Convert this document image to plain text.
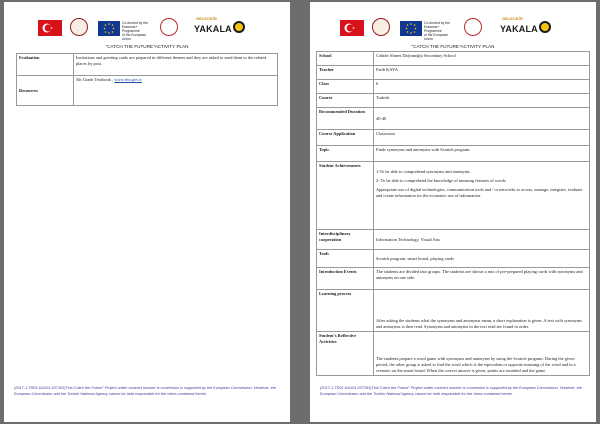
Co-funded by the
Erasmus+ Programme
of the European Union
GELECEĞİ
YAKALA
"CATCH THE FUTURE"ACTIVITY PLAN
Evaluation	Invitations and greeting cards are prepared in different themes and they are asked to send them to the related places by post.
Resources	5th Grade Textbook , www.eba.gov.tr
(2017-1-TR01-KA101-037363)This"Catch the Future" Project under contract number is conversion is supported by the European Commission. However, the European Commission and the Turkish National Agency cannot be held responsible for the views contained herein.
Co-funded by the
Erasmus+ Programme
of the European Union
GELECEĞİ
YAKALA
"CATCH THE FUTURE"ACTIVITY PLAN
School	Cahide Ahmet Dalyanoğlu Secondary School
Teacher	Fatih KAYA
Class	6
Course	Turkish
Recommended Duration	40-40
Course Application	Classroom
Topic	Finds synonyms and antonyms with Scratch program.
Student Achievements	1-To be able to comprehend synonyms and antonyms

2- To be able to comprehend the knowledge of meaning features of words

Appropriate use of digital technologies, communication tools and / or networks to access, manage, integrate, evaluate and create information for the economic use of information.

Interdisciplinary cooperation	Information Technology, Visual Arts
Tools	Scratch program, smart board, playing cards
Introduction Events	The students are divided into groups. The students are shown a mix of pre-prepared playing cards with synonyms and antonyms on one side.
Learning process	After asking the students what the synonyms and antonyms mean, a short explanation is given. A text with synonyms and antonyms is then read. Synonyms and antonyms in the text read are found in order.
Student's Reflective Activities	The students prepare a word game with synonyms and antonyms by using the Scratch program. During the given period, the other group is asked to find the word which is the equivalent or opposite meaning of the word and in a scenario on the smart board. When the correct answer is given, points are awarded and the game
(2017-1-TR01-KA101-037363)This"Catch the Future" Project under contract number is conversion is supported by the European Commission. However, the European Commission and the Turkish National Agency cannot be held responsible for the views contained herein.
